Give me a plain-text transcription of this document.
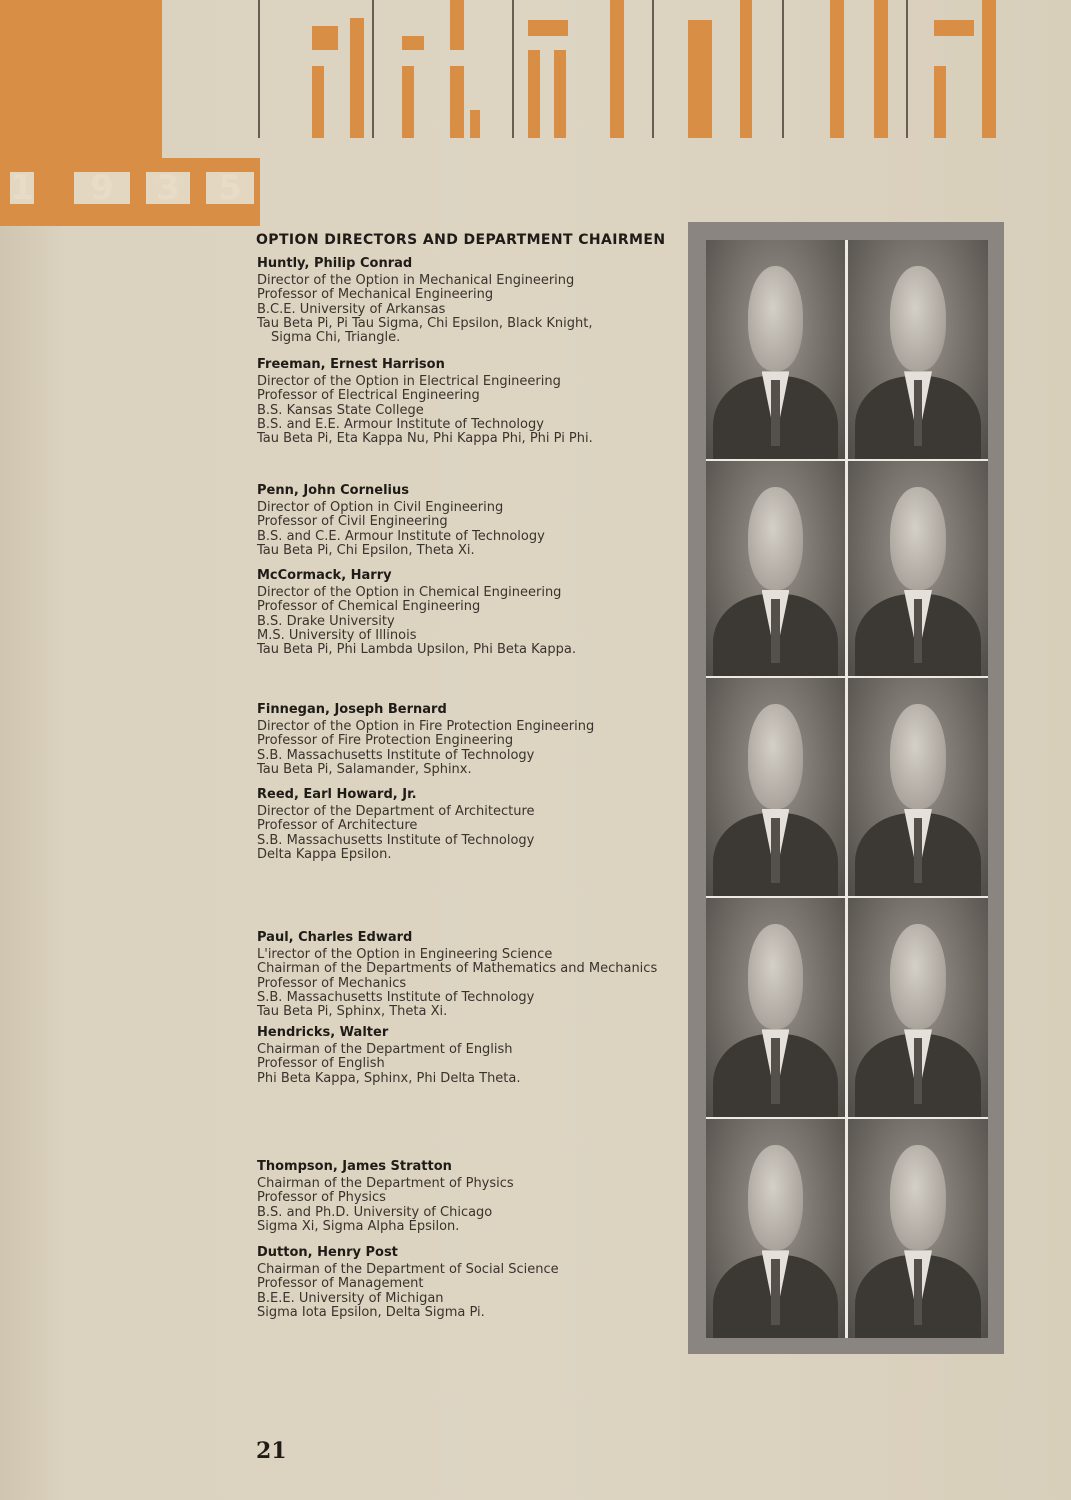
1	9	3	5
OPTION DIRECTORS AND DEPARTMENT CHAIRMEN
Huntly, Philip Conrad
Director of the Option in Mechanical Engineering
Professor of Mechanical Engineering
B.C.E. University of Arkansas
Tau Beta Pi, Pi Tau Sigma, Chi Epsilon, Black Knight,
Sigma Chi, Triangle.
Freeman, Ernest Harrison
Director of the Option in Electrical Engineering
Professor of Electrical Engineering
B.S. Kansas State College
B.S. and E.E. Armour Institute of Technology
Tau Beta Pi, Eta Kappa Nu, Phi Kappa Phi, Phi Pi Phi.
Penn, John Cornelius
Director of Option in Civil Engineering
Professor of Civil Engineering
B.S. and C.E. Armour Institute of Technology
Tau Beta Pi, Chi Epsilon, Theta Xi.
McCormack, Harry
Director of the Option in Chemical Engineering
Professor of Chemical Engineering
B.S. Drake University
M.S. University of Illinois
Tau Beta Pi, Phi Lambda Upsilon, Phi Beta Kappa.
Finnegan, Joseph Bernard
Director of the Option in Fire Protection Engineering
Professor of Fire Protection Engineering
S.B. Massachusetts Institute of Technology
Tau Beta Pi, Salamander, Sphinx.
Reed, Earl Howard, Jr.
Director of the Department of Architecture
Professor of Architecture
S.B. Massachusetts Institute of Technology
Delta Kappa Epsilon.
Paul, Charles Edward
L'irector of the Option in Engineering Science
Chairman of the Departments of Mathematics and Mechanics
Professor of Mechanics
S.B. Massachusetts Institute of Technology
Tau Beta Pi, Sphinx, Theta Xi.
Hendricks, Walter
Chairman of the Department of English
Professor of English
Phi Beta Kappa, Sphinx, Phi Delta Theta.
Thompson, James Stratton
Chairman of the Department of Physics
Professor of Physics
B.S. and Ph.D. University of Chicago
Sigma Xi, Sigma Alpha Epsilon.
Dutton, Henry Post
Chairman of the Department of Social Science
Professor of Management
B.E.E. University of Michigan
Sigma Iota Epsilon, Delta Sigma Pi.
21
